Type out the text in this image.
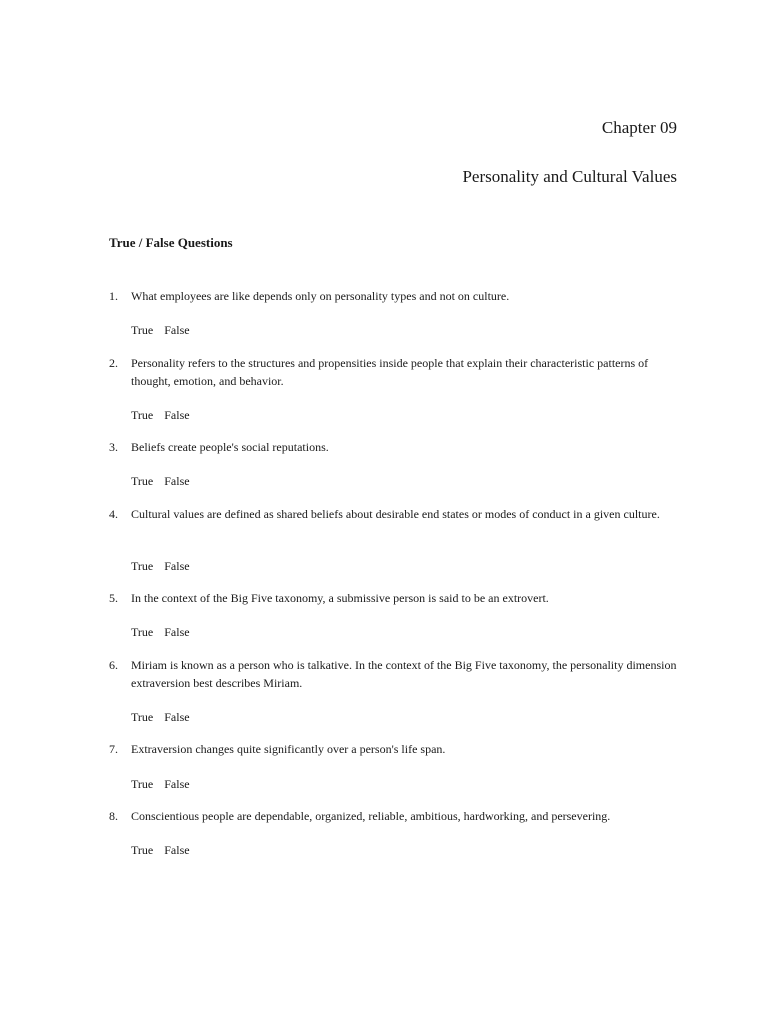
Chapter 09
Personality and Cultural Values
True / False Questions
1. What employees are like depends only on personality types and not on culture.
True False
2. Personality refers to the structures and propensities inside people that explain their characteristic patterns of thought, emotion, and behavior.
True False
3. Beliefs create people's social reputations.
True False
4. Cultural values are defined as shared beliefs about desirable end states or modes of conduct in a given culture.
True False
5. In the context of the Big Five taxonomy, a submissive person is said to be an extrovert.
True False
6. Miriam is known as a person who is talkative. In the context of the Big Five taxonomy, the personality dimension extraversion best describes Miriam.
True False
7. Extraversion changes quite significantly over a person's life span.
True False
8. Conscientious people are dependable, organized, reliable, ambitious, hardworking, and persevering.
True False
